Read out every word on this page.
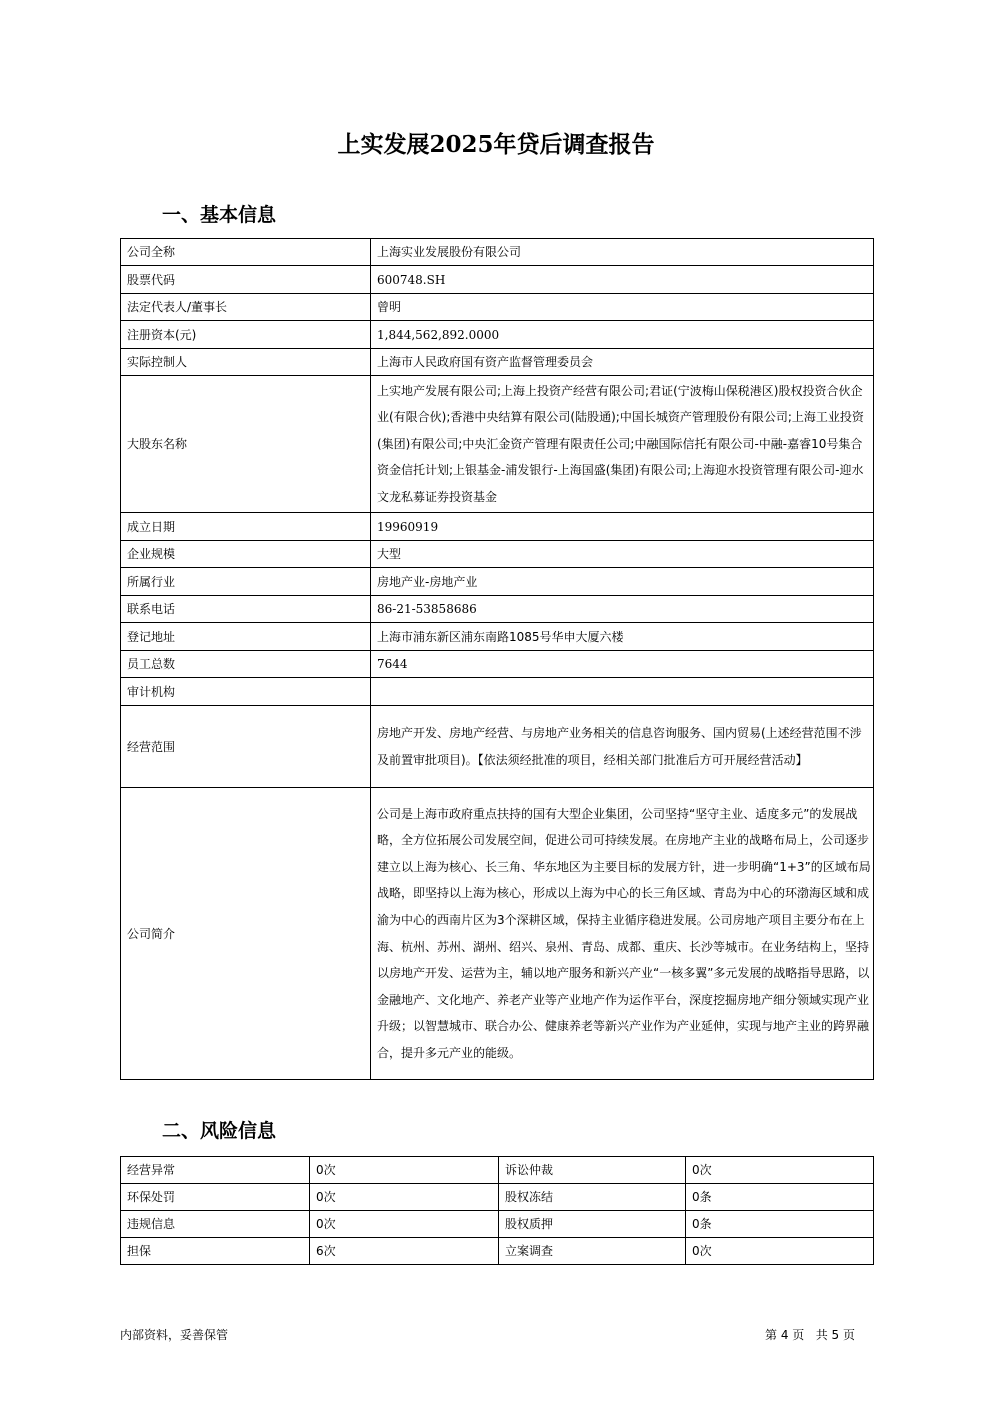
上实发展2025年贷后调查报告
一、基本信息
公司全称	上海实业发展股份有限公司
股票代码	600748.SH
法定代表人/董事长	曾明
注册资本(元)	1,844,562,892.0000
实际控制人	上海市人民政府国有资产监督管理委员会
大股东名称	上实地产发展有限公司;上海上投资产经营有限公司;君证(宁波梅山保税港区)股权投资合伙企业(有限合伙);香港中央结算有限公司(陆股通);中国长城资产管理股份有限公司;上海工业投资(集团)有限公司;中央汇金资产管理有限责任公司;中融国际信托有限公司-中融-嘉睿10号集合资金信托计划;上银基金-浦发银行-上海国盛(集团)有限公司;上海迎水投资管理有限公司-迎水文龙私募证券投资基金
成立日期	19960919
企业规模	大型
所属行业	房地产业-房地产业
联系电话	86-21-53858686
登记地址	上海市浦东新区浦东南路1085号华申大厦六楼
员工总数	7644
审计机构	
经营范围	房地产开发、房地产经营、与房地产业务相关的信息咨询服务、国内贸易(上述经营范围不涉及前置审批项目)。【依法须经批准的项目，经相关部门批准后方可开展经营活动】
公司简介	公司是上海市政府重点扶持的国有大型企业集团，公司坚持“坚守主业、适度多元”的发展战略，全方位拓展公司发展空间，促进公司可持续发展。在房地产主业的战略布局上，公司逐步建立以上海为核心、长三角、华东地区为主要目标的发展方针，进一步明确“1+3”的区域布局战略，即坚持以上海为核心，形成以上海为中心的长三角区域、青岛为中心的环渤海区域和成渝为中心的西南片区为3个深耕区域，保持主业循序稳进发展。公司房地产项目主要分布在上海、杭州、苏州、湖州、绍兴、泉州、青岛、成都、重庆、长沙等城市。在业务结构上，坚持以房地产开发、运营为主，辅以地产服务和新兴产业“一核多翼”多元发展的战略指导思路，以金融地产、文化地产、养老产业等产业地产作为运作平台，深度挖掘房地产细分领域实现产业升级；以智慧城市、联合办公、健康养老等新兴产业作为产业延伸，实现与地产主业的跨界融合，提升多元产业的能级。
二、风险信息
经营异常	0次	诉讼仲裁	0次
环保处罚	0次	股权冻结	0条
违规信息	0次	股权质押	0条
担保	6次	立案调查	0次
内部资料，妥善保管	第 4 页   共 5 页
